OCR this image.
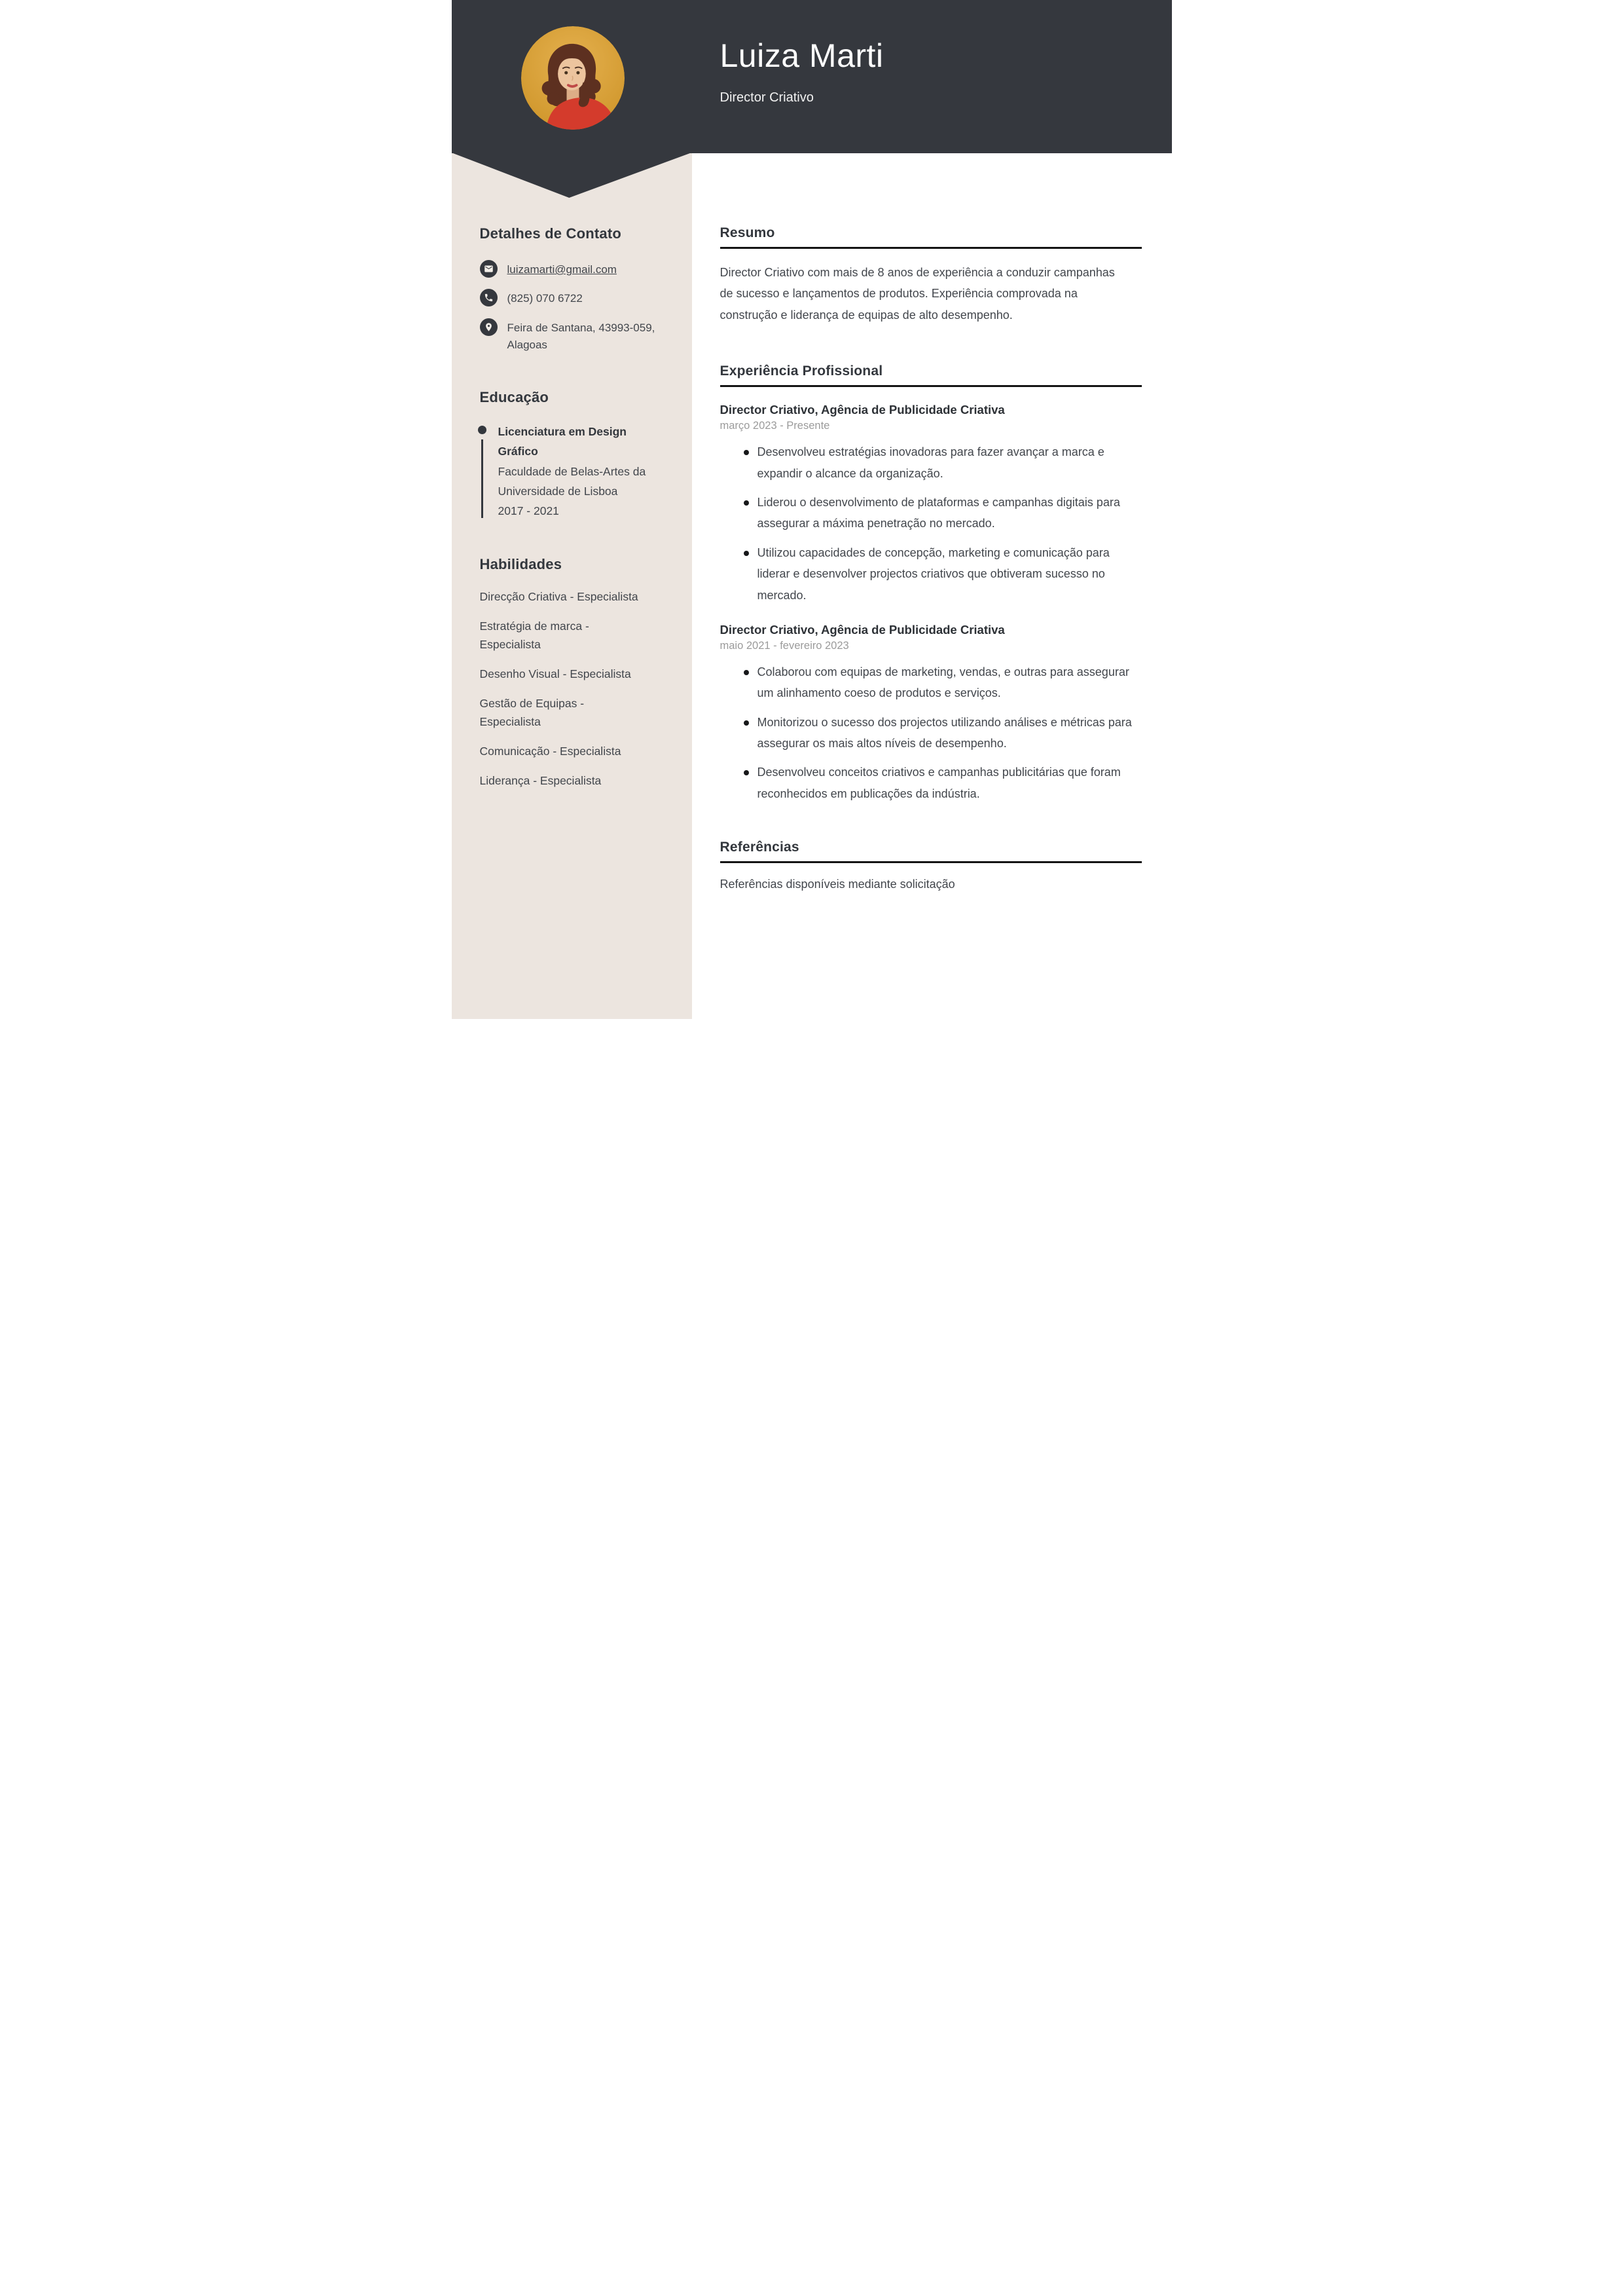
Luiza Marti
Director Criativo
Detalhes de Contato
luizamarti@gmail.com
(825) 070 6722
Feira de Santana, 43993-059, Alagoas
Educação
Licenciatura em Design Gráfico
Faculdade de Belas-Artes da Universidade de Lisboa
2017 - 2021
Habilidades
Direcção Criativa - Especialista
Estratégia de marca - Especialista
Desenho Visual - Especialista
Gestão de Equipas - Especialista
Comunicação - Especialista
Liderança - Especialista
Resumo

Director Criativo com mais de 8 anos de experiência a conduzir campanhas de sucesso e lançamentos de produtos. Experiência comprovada na construção e liderança de equipas de alto desempenho.

Experiência Profissional
Director Criativo, Agência de Publicidade Criativa
março 2023 - Presente
Desenvolveu estratégias inovadoras para fazer avançar a marca e expandir o alcance da organização.
Liderou o desenvolvimento de plataformas e campanhas digitais para assegurar a máxima penetração no mercado.
Utilizou capacidades de concepção, marketing e comunicação para liderar e desenvolver projectos criativos que obtiveram sucesso no mercado.
Director Criativo, Agência de Publicidade Criativa
maio 2021 - fevereiro 2023
Colaborou com equipas de marketing, vendas, e outras para assegurar um alinhamento coeso de produtos e serviços.
Monitorizou o sucesso dos projectos utilizando análises e métricas para assegurar os mais altos níveis de desempenho.
Desenvolveu conceitos criativos e campanhas publicitárias que foram reconhecidos em publicações da indústria.
Referências

Referências disponíveis mediante solicitação
